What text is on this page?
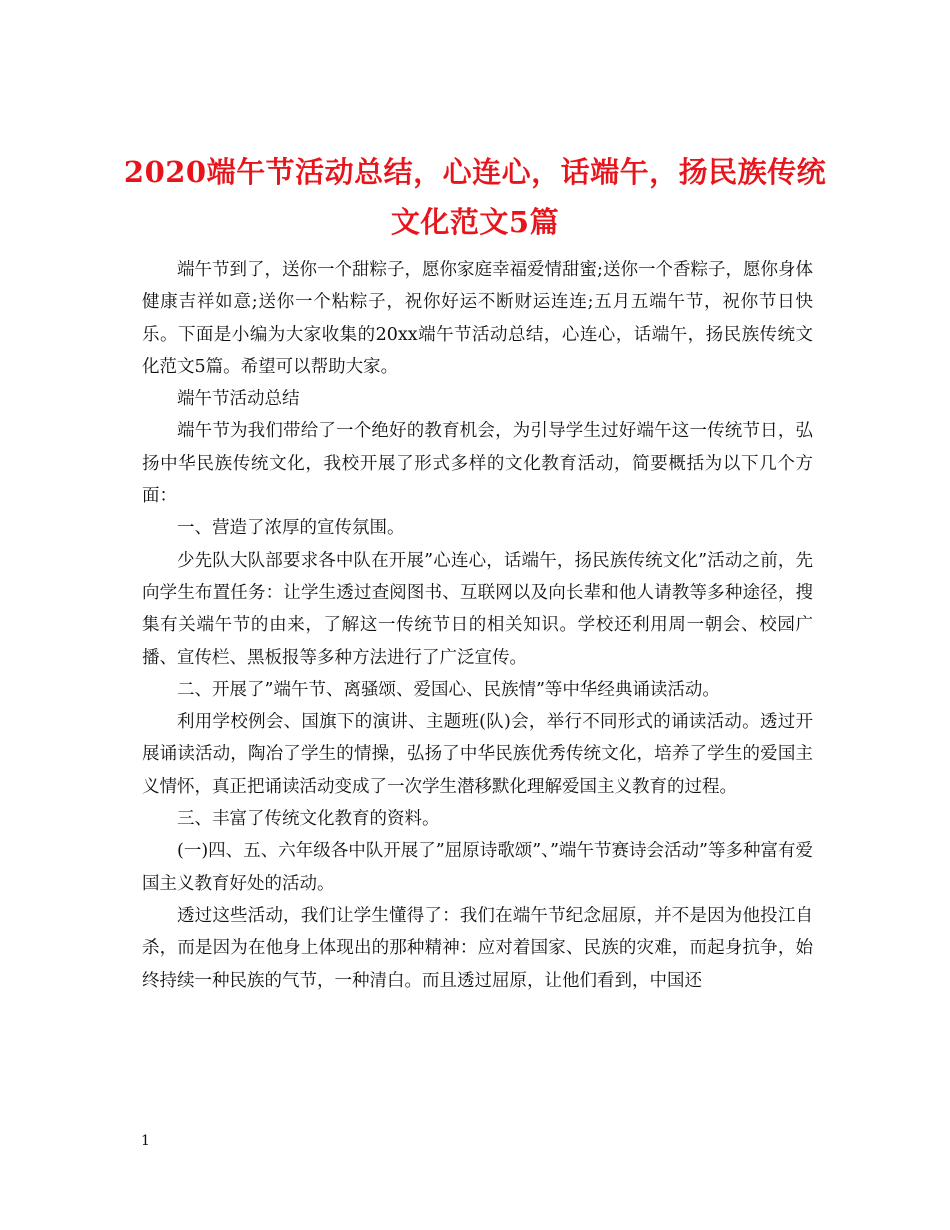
2020端午节活动总结，心连心，话端午，扬民族传统
文化范文5篇

端午节到了，送你一个甜粽子，愿你家庭幸福爱情甜蜜;送你一个香粽子，愿你身体健康吉祥如意;送你一个粘粽子，祝你好运不断财运连连;五月五端午节，祝你节日快乐。下面是小编为大家收集的20xx端午节活动总结，心连心，话端午，扬民族传统文化范文5篇。希望可以帮助大家。

端午节活动总结

端午节为我们带给了一个绝好的教育机会，为引导学生过好端午这一传统节日，弘扬中华民族传统文化，我校开展了形式多样的文化教育活动，简要概括为以下几个方面：

一、营造了浓厚的宣传氛围。

少先队大队部要求各中队在开展”心连心，话端午，扬民族传统文化”活动之前，先向学生布置任务：让学生透过查阅图书、互联网以及向长辈和他人请教等多种途径，搜集有关端午节的由来，了解这一传统节日的相关知识。学校还利用周一朝会、校园广播、宣传栏、黑板报等多种方法进行了广泛宣传。

二、开展了”端午节、离骚颂、爱国心、民族情”等中华经典诵读活动。

利用学校例会、国旗下的演讲、主题班(队)会，举行不同形式的诵读活动。透过开展诵读活动，陶冶了学生的情操，弘扬了中华民族优秀传统文化，培养了学生的爱国主义情怀，真正把诵读活动变成了一次学生潜移默化理解爱国主义教育的过程。

三、丰富了传统文化教育的资料。

(一)四、五、六年级各中队开展了”屈原诗歌颂”、”端午节赛诗会活动”等多种富有爱国主义教育好处的活动。

透过这些活动，我们让学生懂得了：我们在端午节纪念屈原，并不是因为他投江自杀，而是因为在他身上体现出的那种精神：应对着国家、民族的灾难，而起身抗争，始终持续一种民族的气节，一种清白。而且透过屈原，让他们看到，中国还

1
